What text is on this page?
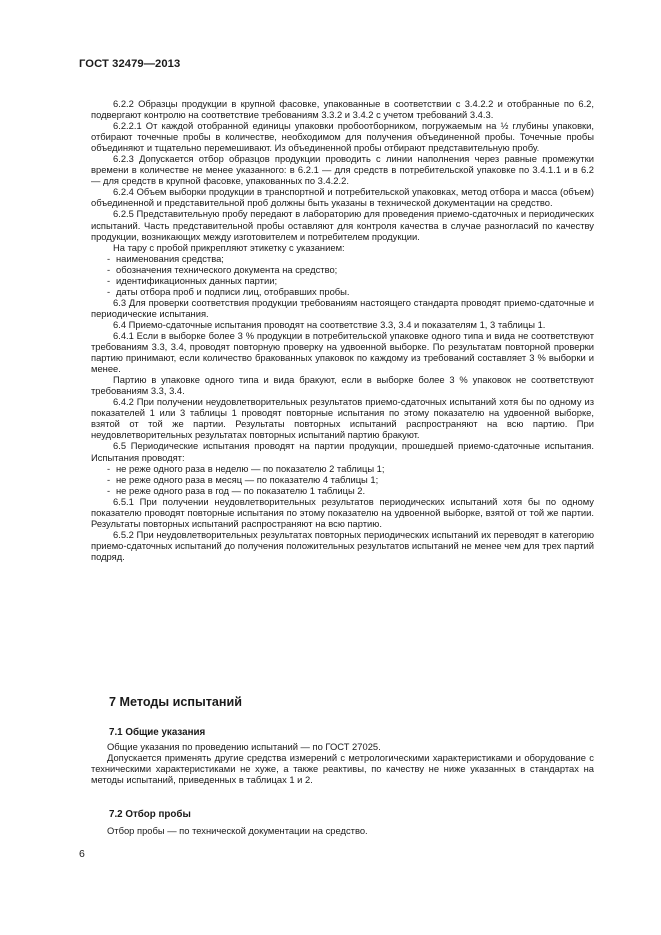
ГОСТ 32479—2013

6.2.2 Образцы продукции в крупной фасовке, упакованные в соответствии с 3.4.2.2 и отобранные по 6.2, подвергают контролю на соответствие требованиям 3.3.2 и 3.4.2 с учетом требований 3.4.3.

6.2.2.1 От каждой отобранной единицы упаковки пробоотборником, погружаемым на ½ глубины упаковки, отбирают точечные пробы в количестве, необходимом для получения объединенной пробы. Точечные пробы объединяют и тщательно перемешивают. Из объединенной пробы отбирают представительную пробу.

6.2.3 Допускается отбор образцов продукции проводить с линии наполнения через равные промежутки времени в количестве не менее указанного: в 6.2.1 — для средств в потребительской упаковке по 3.4.1.1 и в 6.2 — для средств в крупной фасовке, упакованных по 3.4.2.2.

6.2.4 Объем выборки продукции в транспортной и потребительской упаковках, метод отбора и масса (объем) объединенной и представительной проб должны быть указаны в технической документации на средство.

6.2.5 Представительную пробу передают в лабораторию для проведения приемо-сдаточных и периодических испытаний. Часть представительной пробы оставляют для контроля качества в случае разногласий по качеству продукции, возникающих между изготовителем и потребителем продукции.

На тару с пробой прикрепляют этикетку с указанием:

- наименования средства;
- обозначения технического документа на средство;
- идентификационных данных партии;
- даты отбора проб и подписи лиц, отобравших пробы.

6.3 Для проверки соответствия продукции требованиям настоящего стандарта проводят приемо-сдаточные и периодические испытания.

6.4 Приемо-сдаточные испытания проводят на соответствие 3.3, 3.4 и показателям 1, 3 таблицы 1.

6.4.1 Если в выборке более 3 % продукции в потребительской упаковке одного типа и вида не соответствуют требованиям 3.3, 3.4, проводят повторную проверку на удвоенной выборке. По результатам повторной проверки партию принимают, если количество бракованных упаковок по каждому из требований составляет 3 % выборки и менее.

Партию в упаковке одного типа и вида бракуют, если в выборке более 3 % упаковок не соответствуют требованиям 3.3, 3.4.

6.4.2 При получении неудовлетворительных результатов приемо-сдаточных испытаний хотя бы по одному из показателей 1 или 3 таблицы 1 проводят повторные испытания по этому показателю на удвоенной выборке, взятой от той же партии. Результаты повторных испытаний распространяют на всю партию. При неудовлетворительных результатах повторных испытаний партию бракуют.

6.5 Периодические испытания проводят на партии продукции, прошедшей приемо-сдаточные испытания. Испытания проводят:

- не реже одного раза в неделю — по показателю 2 таблицы 1;
- не реже одного раза в месяц — по показателю 4 таблицы 1;
- не реже одного раза в год — по показателю 1 таблицы 2.

6.5.1 При получении неудовлетворительных результатов периодических испытаний хотя бы по одному показателю проводят повторные испытания по этому показателю на удвоенной выборке, взятой от той же партии. Результаты повторных испытаний распространяют на всю партию.

6.5.2 При неудовлетворительных результатах повторных периодических испытаний их переводят в категорию приемо-сдаточных испытаний до получения положительных результатов испытаний не менее чем для трех партий подряд.

7 Методы испытаний
7.1 Общие указания

Общие указания по проведению испытаний — по ГОСТ 27025.

Допускается применять другие средства измерений с метрологическими характеристиками и оборудование с техническими характеристиками не хуже, а также реактивы, по качеству не ниже указанных в стандартах на методы испытаний, приведенных в таблицах 1 и 2.

7.2 Отбор пробы

Отбор пробы — по технической документации на средство.

6
